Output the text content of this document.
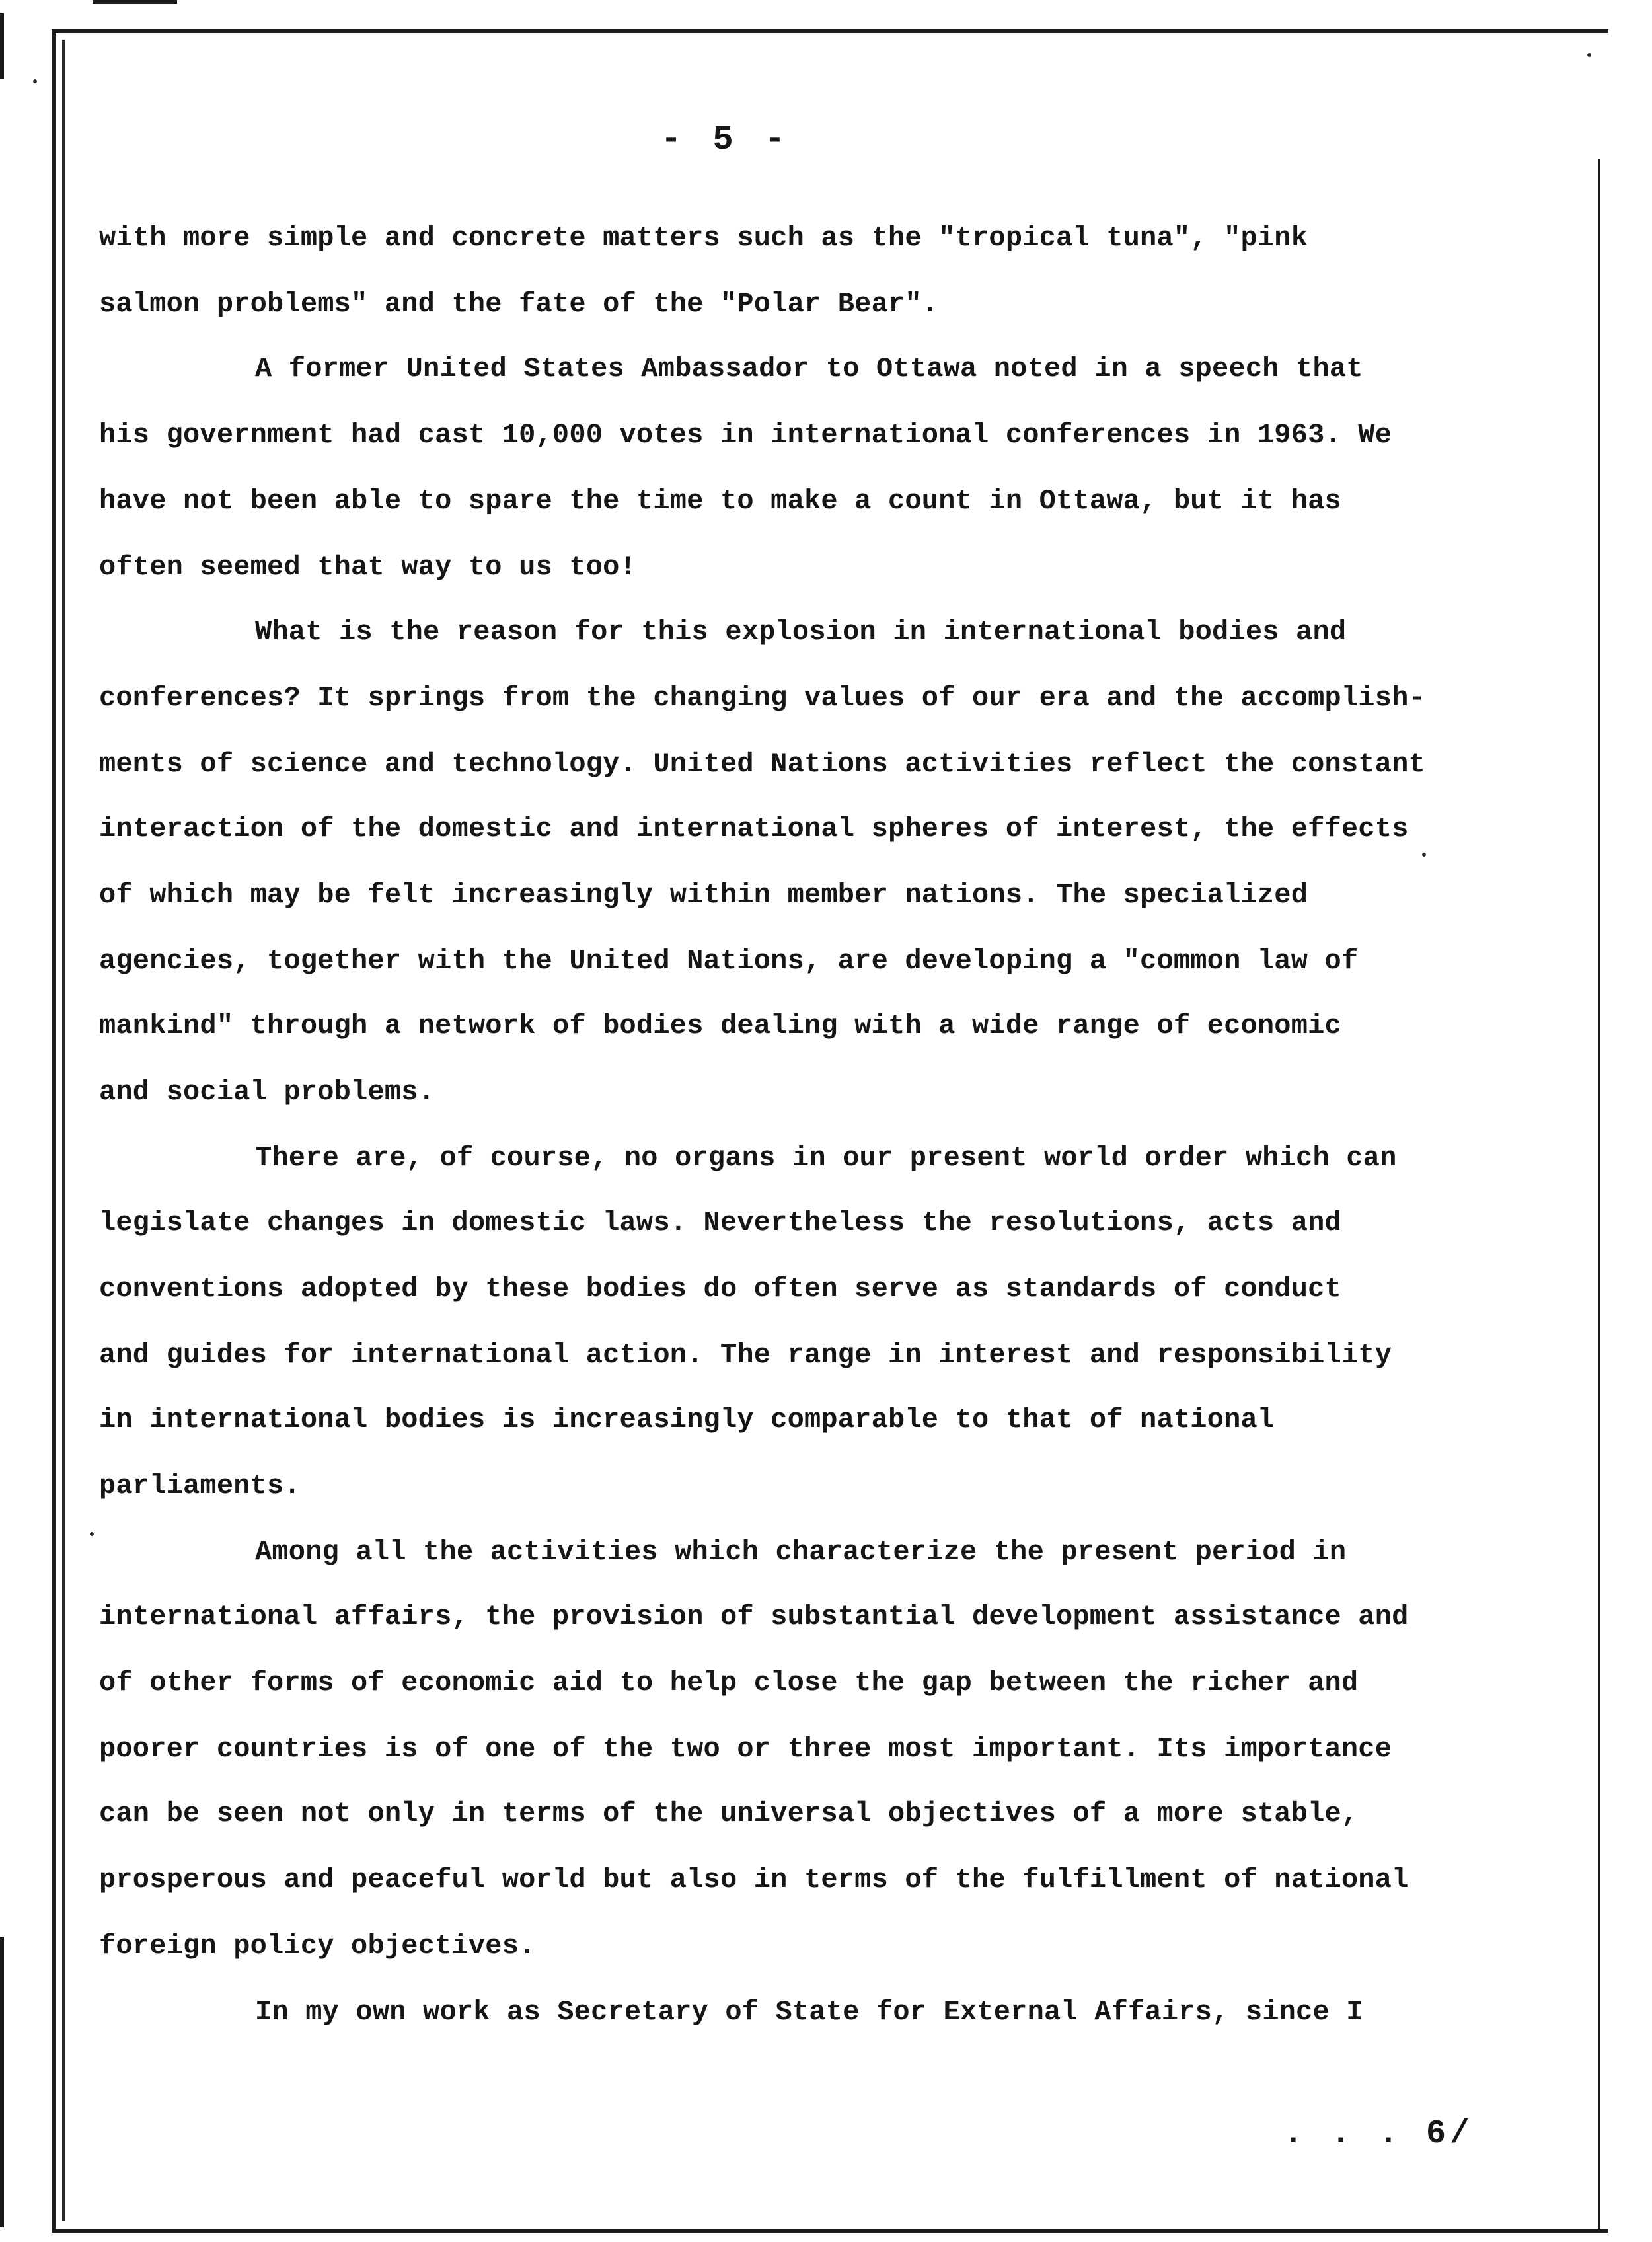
- 5 -
with more simple and concrete matters such as the "tropical tuna", "pink
salmon problems" and the fate of the "Polar Bear".
A former United States Ambassador to Ottawa noted in a speech that
his government had cast 10,000 votes in international conferences in 1963. We
have not been able to spare the time to make a count in Ottawa, but it has
often seemed that way to us too!
What is the reason for this explosion in international bodies and
conferences? It springs from the changing values of our era and the accomplish-
ments of science and technology. United Nations activities reflect the constant
interaction of the domestic and international spheres of interest, the effects
of which may be felt increasingly within member nations. The specialized
agencies, together with the United Nations, are developing a "common law of
mankind" through a network of bodies dealing with a wide range of economic
and social problems.
There are, of course, no organs in our present world order which can
legislate changes in domestic laws. Nevertheless the resolutions, acts and
conventions adopted by these bodies do often serve as standards of conduct
and guides for international action. The range in interest and responsibility
in international bodies is increasingly comparable to that of national
parliaments.
Among all the activities which characterize the present period in
international affairs, the provision of substantial development assistance and
of other forms of economic aid to help close the gap between the richer and
poorer countries is of one of the two or three most important. Its importance
can be seen not only in terms of the universal objectives of a more stable,
prosperous and peaceful world but also in terms of the fulfillment of national
foreign policy objectives.
In my own work as Secretary of State for External Affairs, since I
. . . 6/
